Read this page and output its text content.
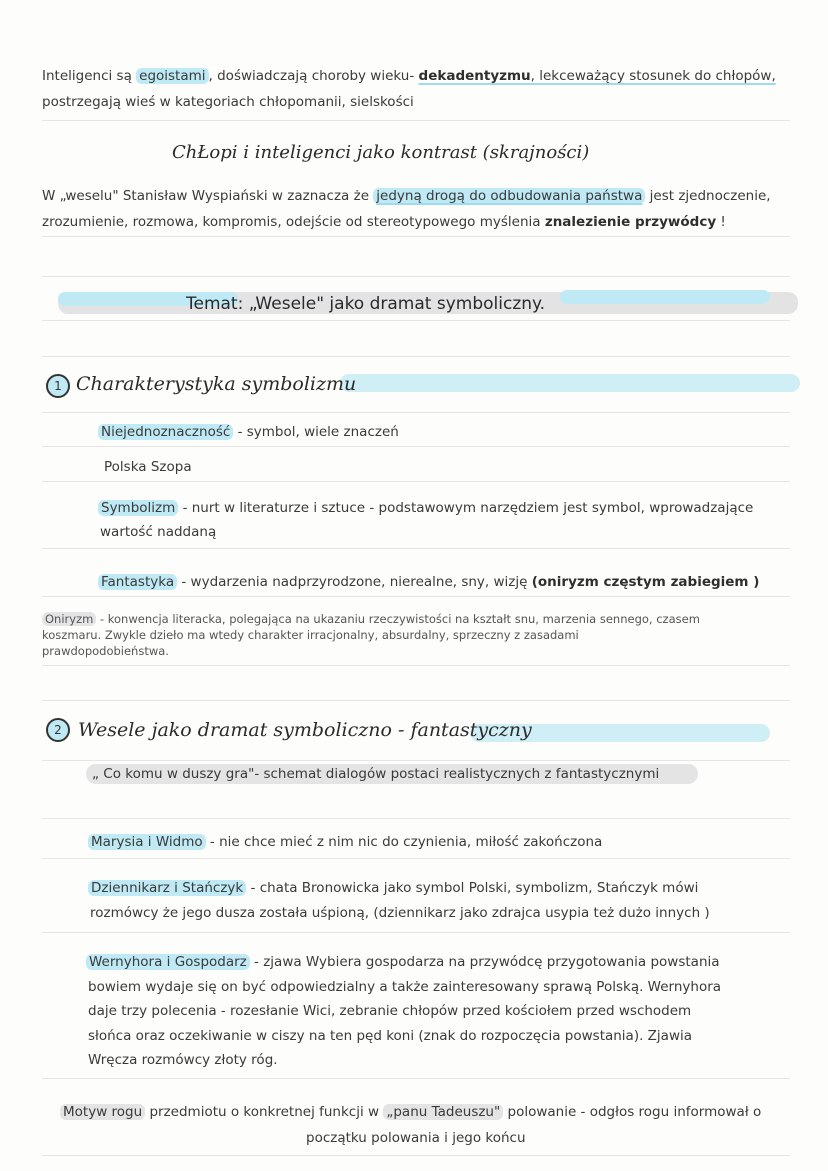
Inteligenci są egoistami , doświadczają choroby wieku- dekadentyzmu, lekceważący stosunek do chłopów,
postrzegają wieś w kategoriach chłopomanii, sielskości
ChŁopi i inteligenci jako kontrast (skrajności)
W „weselu" Stanisław Wyspiański w zaznacza że jedyną drogą do odbudowania państwa jest zjednoczenie,
zrozumienie, rozmowa, kompromis, odejście od stereotypowego myślenia znalezienie przywódcy !
Temat: „Wesele" jako dramat symboliczny.
1 Charakterystyka symbolizmu
Niejednoznaczność - symbol, wiele znaczeń
Polska Szopa
Symbolizm - nurt w literaturze i sztuce - podstawowym narzędziem jest symbol, wprowadzające
wartość naddaną
Fantastyka - wydarzenia nadprzyrodzone, nierealne, sny, wizję (oniryzm częstym zabiegiem )
Oniryzm - konwencja literacka, polegająca na ukazaniu rzeczywistości na kształt snu, marzenia sennego, czasem
koszmaru. Zwykle dzieło ma wtedy charakter irracjonalny, absurdalny, sprzeczny z zasadami
prawdopodobieństwa.
2 Wesele jako dramat symboliczno - fantastyczny
„ Co komu w duszy gra"- schemat dialogów postaci realistycznych z fantastycznymi
Marysia i Widmo - nie chce mieć z nim nic do czynienia, miłość zakończona
Dziennikarz i Stańczyk - chata Bronowicka jako symbol Polski, symbolizm, Stańczyk mówi
rozmówcy że jego dusza została uśpioną, (dziennikarz jako zdrajca usypia też dużo innych )
Wernyhora i Gospodarz - zjawa Wybiera gospodarza na przywódcę przygotowania powstania
bowiem wydaje się on być odpowiedzialny a także zainteresowany sprawą Polską. Wernyhora
daje trzy polecenia - rozesłanie Wici, zebranie chłopów przed kościołem przed wschodem
słońca oraz oczekiwanie w ciszy na ten pęd koni (znak do rozpoczęcia powstania). Zjawia
Wręcza rozmówcy złoty róg.
Motyw rogu przedmiotu o konkretnej funkcji w „panu Tadeuszu" polowanie - odgłos rogu informował o
początku polowania i jego końcu
